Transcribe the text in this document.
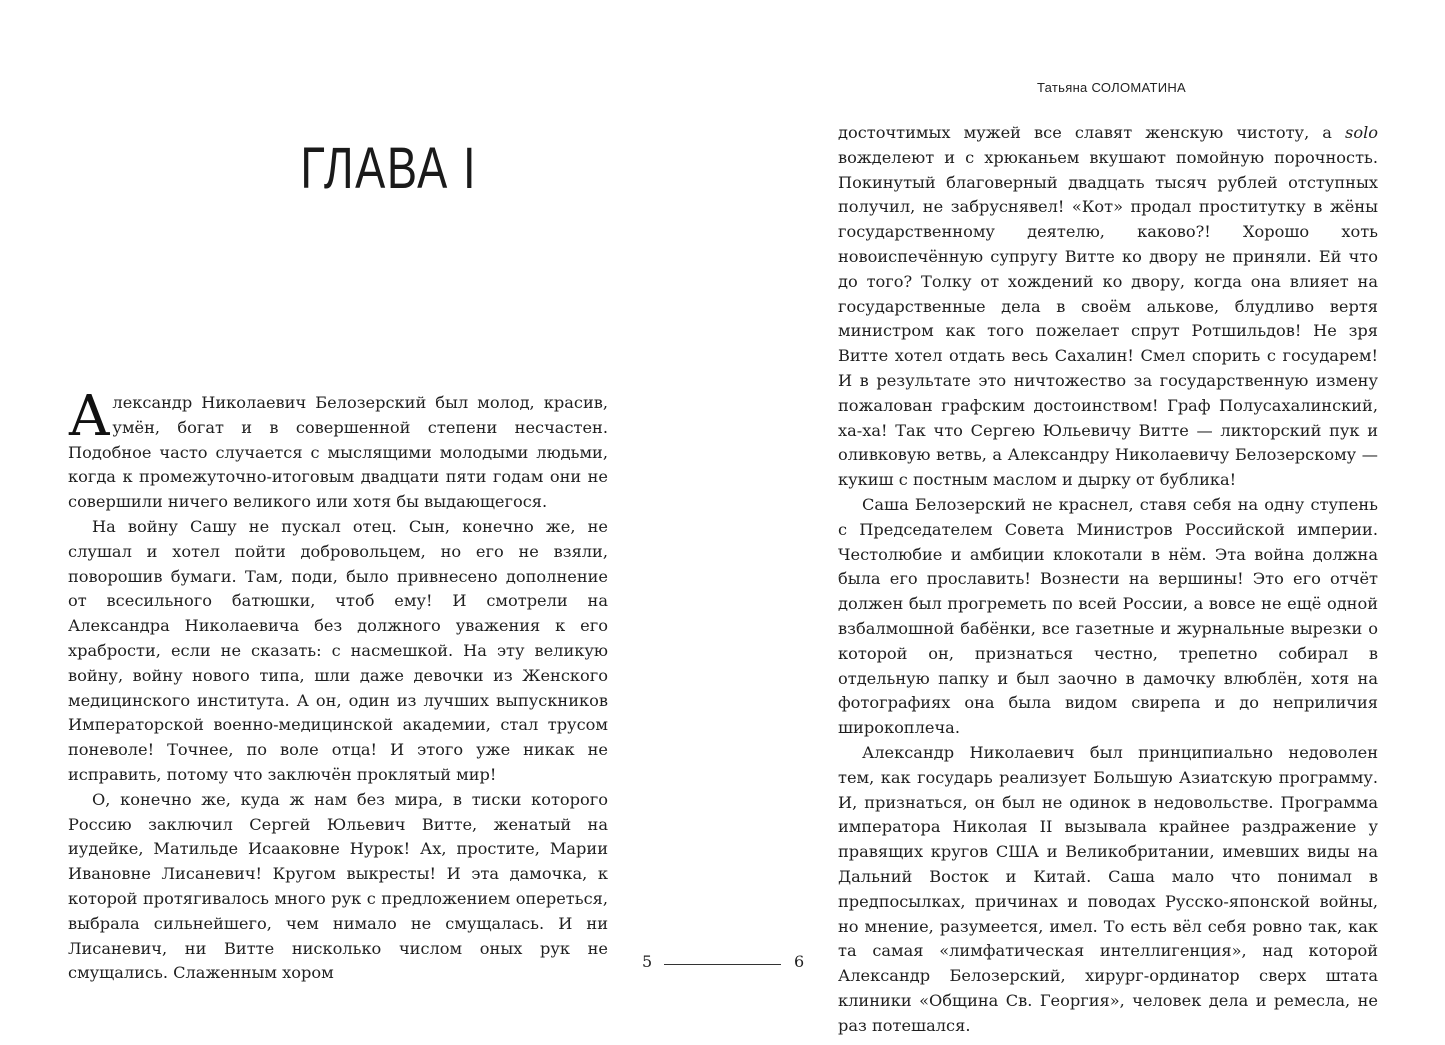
ГЛАВА I

Александр Николаевич Белозерский был молод, красив, умён, богат и в совершенной степени несчастен. Подобное часто случается с мыслящими молодыми людьми, когда к промежуточно-итоговым двадцати пяти годам они не совершили ничего великого или хотя бы выдающегося.

На войну Сашу не пускал отец. Сын, конечно же, не слушал и хотел пойти добровольцем, но его не взяли, поворошив бумаги. Там, поди, было привнесено дополнение от всесильного батюшки, чтоб ему! И смотрели на Александра Николаевича без должного уважения к его храбрости, если не сказать: с насмешкой. На эту великую войну, войну нового типа, шли даже девочки из Женского медицинского института. А он, один из лучших выпускников Императорской военно-медицинской академии, стал трусом поневоле! Точнее, по воле отца! И этого уже никак не исправить, потому что заключён проклятый мир!

О, конечно же, куда ж нам без мира, в тиски которого Россию заключил Сергей Юльевич Витте, женатый на иудейке, Матильде Исааковне Нурок! Ах, простите, Марии Ивановне Лисаневич! Кругом выкресты! И эта дамочка, к которой протягивалось много рук с предложением опереться, выбрала сильнейшего, чем нимало не смущалась. И ни Лисаневич, ни Витте нисколько числом оных рук не смущались. Слаженным хором

Татьяна СОЛОМАТИНА

досточтимых мужей все славят женскую чистоту, а solo вожделеют и с хрюканьем вкушают помойную порочность. Покинутый благоверный двадцать тысяч рублей отступных получил, не забруснявел! «Кот» продал проститутку в жёны государственному деятелю, каково?! Хорошо хоть новоиспечённую супругу Витте ко двору не приняли. Ей что до того? Толку от хождений ко двору, когда она влияет на государственные дела в своём алькове, блудливо вертя министром как того пожелает спрут Ротшильдов! Не зря Витте хотел отдать весь Сахалин! Смел спорить с государем! И в результате это ничтожество за государственную измену пожалован графским достоинством! Граф Полусахалинский, ха-ха! Так что Сергею Юльевичу Витте — ликторский пук и оливковую ветвь, а Александру Николаевичу Белозерскому — кукиш с постным маслом и дырку от бублика!

Саша Белозерский не краснел, ставя себя на одну ступень с Председателем Совета Министров Российской империи. Честолюбие и амбиции клокотали в нём. Эта война должна была его прославить! Вознести на вершины! Это его отчёт должен был прогреметь по всей России, а вовсе не ещё одной взбалмошной бабёнки, все газетные и журнальные вырезки о которой он, признаться честно, трепетно собирал в отдельную папку и был заочно в дамочку влюблён, хотя на фотографиях она была видом свирепа и до неприличия широкоплеча.

Александр Николаевич был принципиально недоволен тем, как государь реализует Большую Азиатскую программу. И, признаться, он был не одинок в недовольстве. Программа императора Николая II вызывала крайнее раздражение у правящих кругов США и Великобритании, имевших виды на Дальний Восток и Китай. Саша мало что понимал в предпосылках, причинах и поводах Русско-японской войны, но мнение, разумеется, имел. То есть вёл себя ровно так, как та самая «лимфатическая интеллигенция», над которой Александр Белозерский, хирург-ординатор сверх штата клиники «Община Св. Георгия», человек дела и ремесла, не раз потешался.

5	6
